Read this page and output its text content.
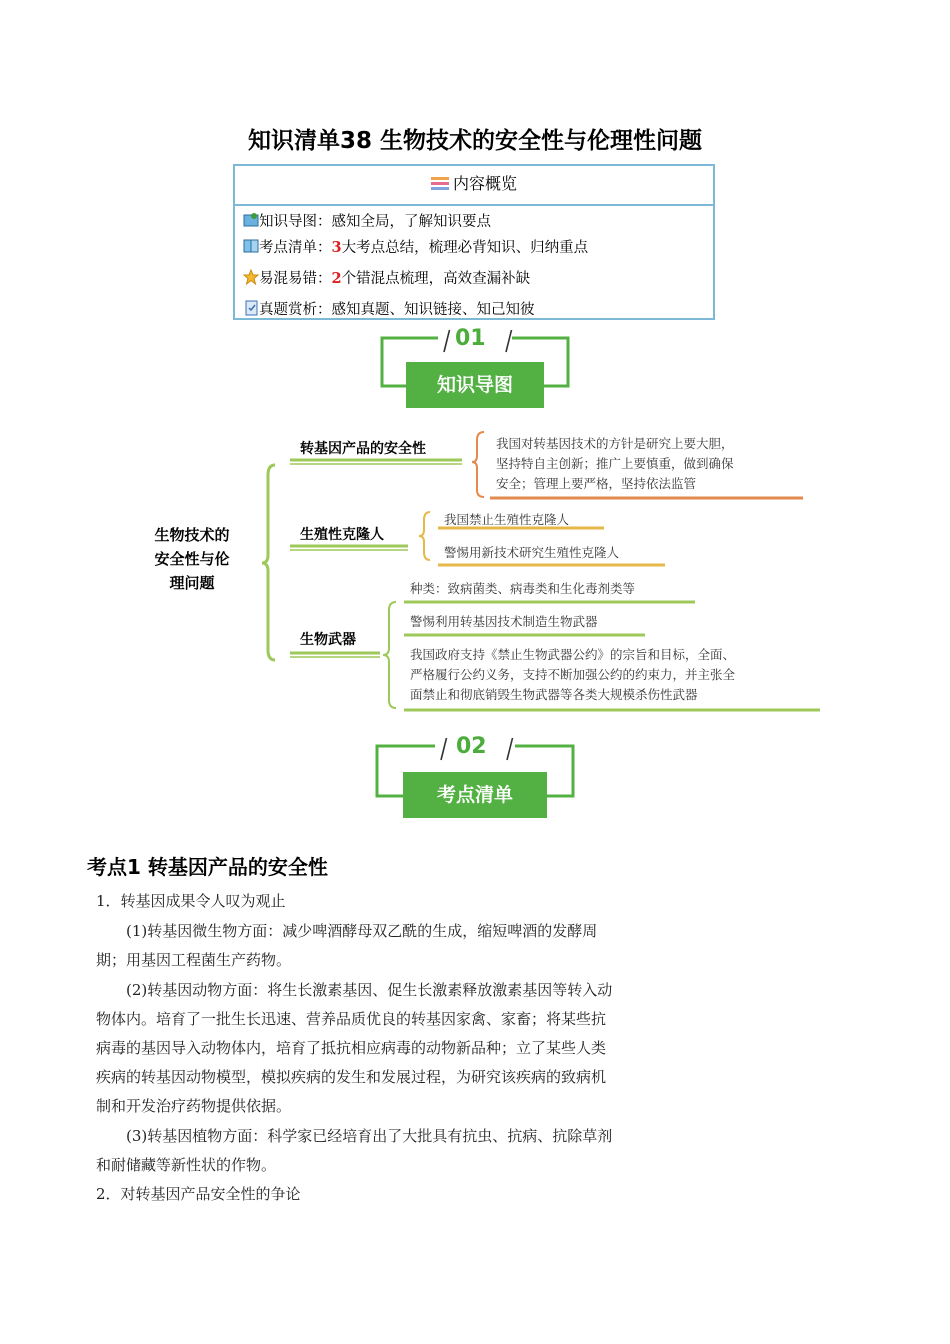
知识清单38 生物技术的安全性与伦理性问题
内容概览
知识导图：感知全局，了解知识要点
考点清单：3大考点总结，梳理必背知识、归纳重点
易混易错：2个错混点梳理，高效查漏补缺
真题赏析：感知真题、知识链接、知己知彼
01
知识导图
生物技术的
安全性与伦
理问题
转基因产品的安全性
生殖性克隆人
生物武器
我国对转基因技术的方针是研究上要大胆，
坚持特自主创新；推广上要慎重，做到确保
安全；管理上要严格，坚持依法监管
我国禁止生殖性克隆人
警惕用新技术研究生殖性克隆人
种类：致病菌类、病毒类和生化毒剂类等
警惕利用转基因技术制造生物武器
我国政府支持《禁止生物武器公约》的宗旨和目标，全面、
严格履行公约义务，支持不断加强公约的约束力，并主张全
面禁止和彻底销毁生物武器等各类大规模杀伤性武器
02
考点清单
考点1 转基因产品的安全性
1．转基因成果令人叹为观止
(1)转基因微生物方面：减少啤酒酵母双乙酰的生成，缩短啤酒的发酵周
期；用基因工程菌生产药物。
(2)转基因动物方面：将生长激素基因、促生长激素释放激素基因等转入动
物体内。培育了一批生长迅速、营养品质优良的转基因家禽、家畜；将某些抗
病毒的基因导入动物体内，培育了抵抗相应病毒的动物新品种；立了某些人类
疾病的转基因动物模型，模拟疾病的发生和发展过程，为研究该疾病的致病机
制和开发治疗药物提供依据。
(3)转基因植物方面：科学家已经培育出了大批具有抗虫、抗病、抗除草剂
和耐储藏等新性状的作物。
2．对转基因产品安全性的争论
